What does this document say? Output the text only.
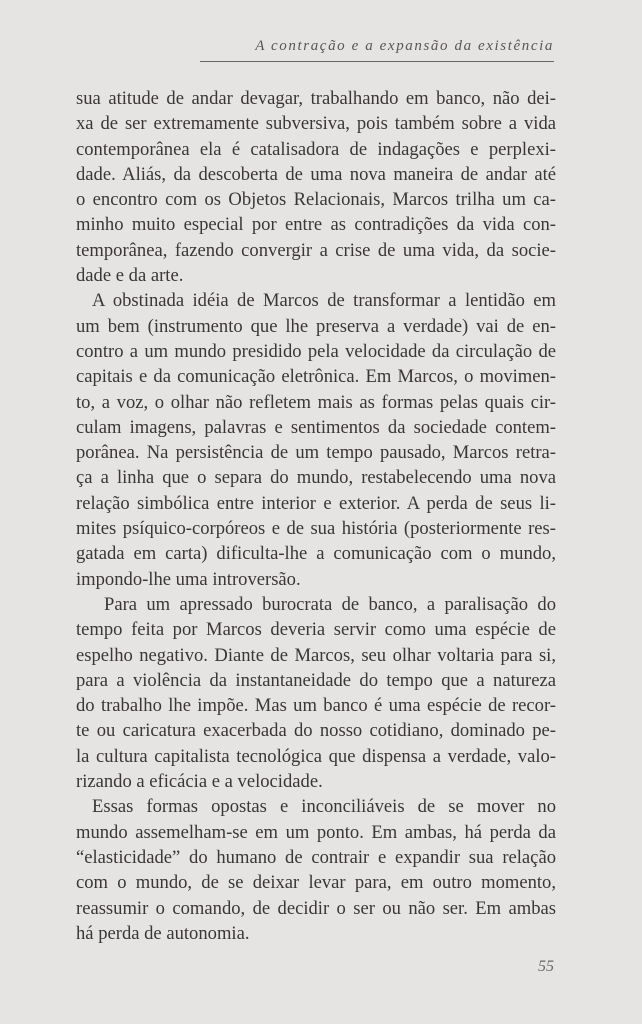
A contração e a expansão da existência
sua atitude de andar devagar, trabalhando em banco, não dei-
xa de ser extremamente subversiva, pois também sobre a vida
contemporânea ela é catalisadora de indagações e perplexi-
dade. Aliás, da descoberta de uma nova maneira de andar até
o encontro com os Objetos Relacionais, Marcos trilha um ca-
minho muito especial por entre as contradições da vida con-
temporânea, fazendo convergir a crise de uma vida, da socie-
dade e da arte.
A obstinada idéia de Marcos de transformar a lentidão em
um bem (instrumento que lhe preserva a verdade) vai de en-
contro a um mundo presidido pela velocidade da circulação de
capitais e da comunicação eletrônica. Em Marcos, o movimen-
to, a voz, o olhar não refletem mais as formas pelas quais cir-
culam imagens, palavras e sentimentos da sociedade contem-
porânea. Na persistência de um tempo pausado, Marcos retra-
ça a linha que o separa do mundo, restabelecendo uma nova
relação simbólica entre interior e exterior. A perda de seus li-
mites psíquico-corpóreos e de sua história (posteriormente res-
gatada em carta) dificulta-lhe a comunicação com o mundo,
impondo-lhe uma introversão.
Para um apressado burocrata de banco, a paralisação do
tempo feita por Marcos deveria servir como uma espécie de
espelho negativo. Diante de Marcos, seu olhar voltaria para si,
para a violência da instantaneidade do tempo que a natureza
do trabalho lhe impõe. Mas um banco é uma espécie de recor-
te ou caricatura exacerbada do nosso cotidiano, dominado pe-
la cultura capitalista tecnológica que dispensa a verdade, valo-
rizando a eficácia e a velocidade.
Essas formas opostas e inconciliáveis de se mover no
mundo assemelham-se em um ponto. Em ambas, há perda da
“elasticidade” do humano de contrair e expandir sua relação
com o mundo, de se deixar levar para, em outro momento,
reassumir o comando, de decidir o ser ou não ser. Em ambas
há perda de autonomia.
55
